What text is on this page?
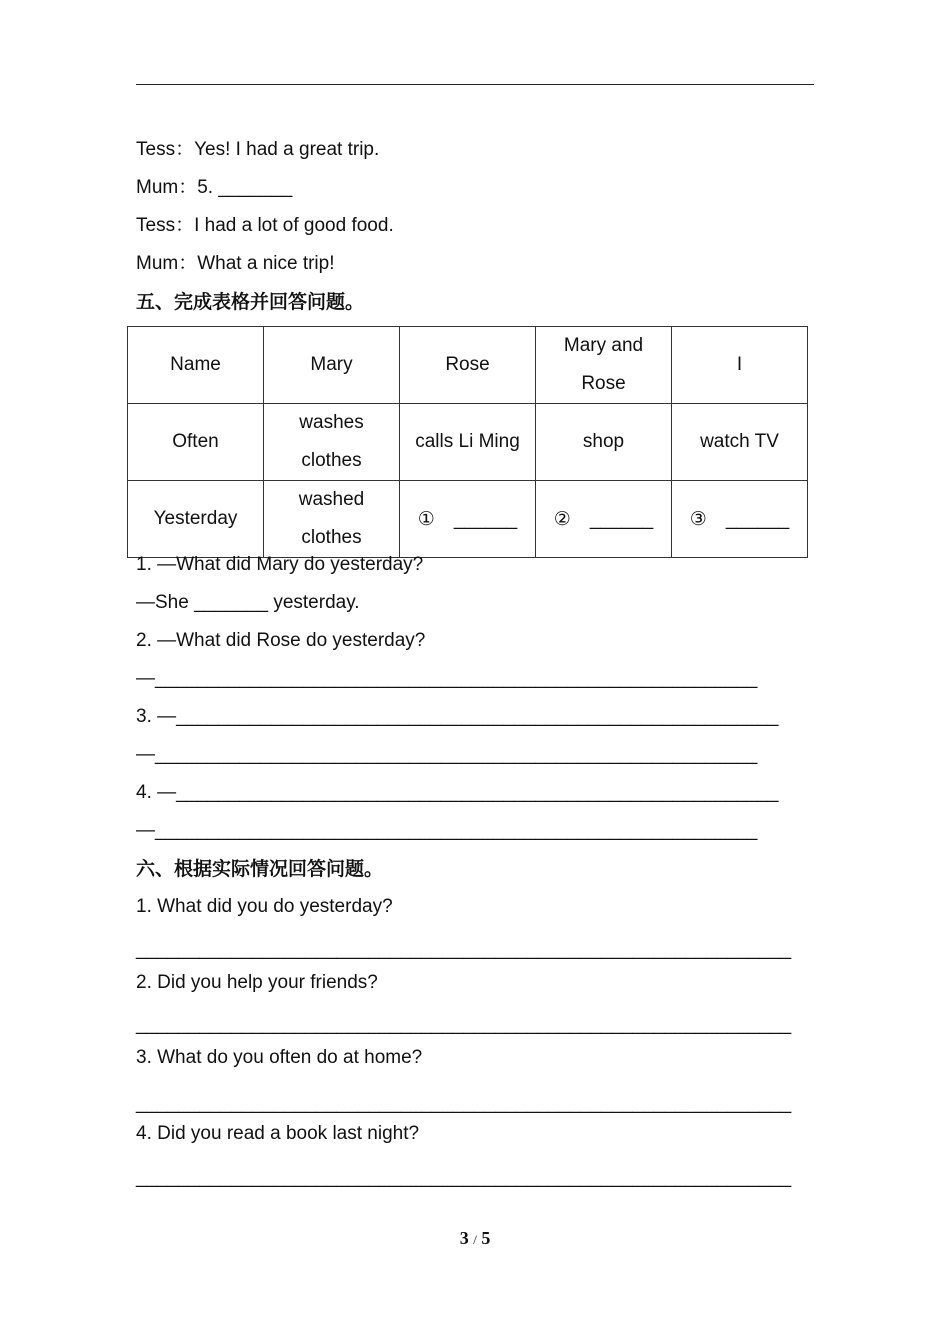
Tess：Yes! I had a great trip.
Mum：5. _______
Tess：I had a lot of good food.
Mum：What a nice trip!
五、完成表格并回答问题。
Name	Mary	Rose	Mary and Rose	I

Often	washes clothes	calls Li Ming	shop	watch TV

Yesterday	washed clothes	①　______	②　______	③　______
1. —What did Mary do yesterday?
—She _______ yesterday.
2. —What did Rose do yesterday?
—_________________________________________________________
3. —_________________________________________________________
—_________________________________________________________
4. —_________________________________________________________
—_________________________________________________________
六、根据实际情况回答问题。
1. What did you do yesterday?
______________________________________________________________
2. Did you help your friends?
______________________________________________________________
3. What do you often do at home?
______________________________________________________________
4. Did you read a book last night?
______________________________________________________________
3 / 5
